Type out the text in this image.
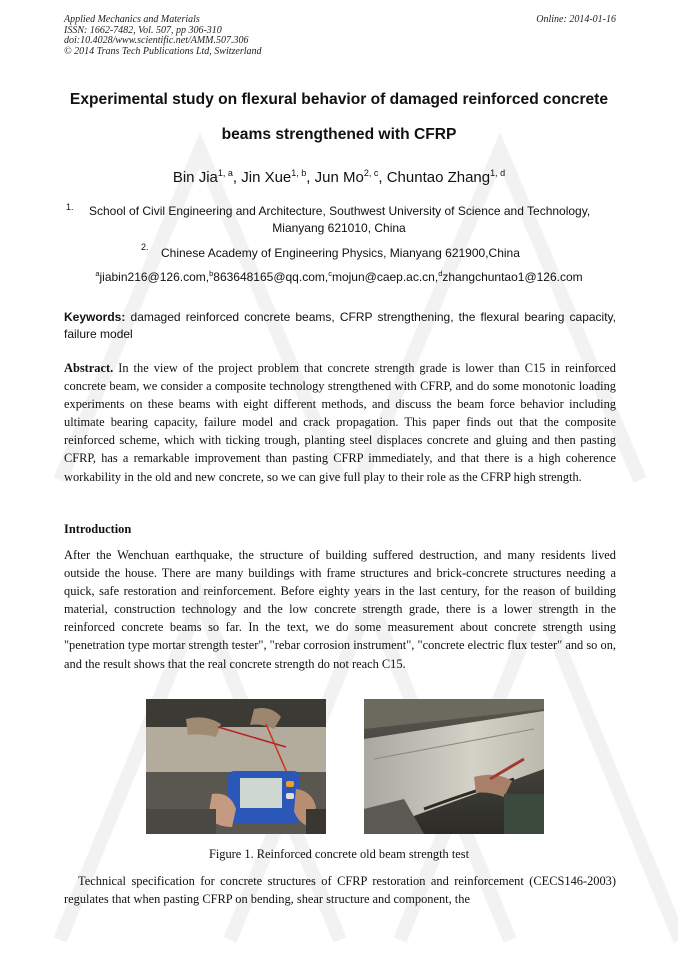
Applied Mechanics and Materials
ISSN: 1662-7482, Vol. 507, pp 306-310
doi:10.4028/www.scientific.net/AMM.507.306
© 2014 Trans Tech Publications Ltd, Switzerland
Online: 2014-01-16
Experimental study on flexural behavior of damaged reinforced concrete
beams strengthened with CFRP
Bin Jia$^{1, a}$, Jin Xue$^{1, b}$, Jun Mo$^{2, c}$, Chuntao Zhang$^{1, d}$
1. School of Civil Engineering and Architecture, Southwest University of Science and Technology,
Mianyang 621010, China
2. Chinese Academy of Engineering Physics, Mianyang 621900,China
$^a$jiabin216@126.com,$^b$863648165@qq.com,$^c$mojun@caep.ac.cn,$^d$zhangchuntao1@126.com
Keywords: damaged reinforced concrete beams, CFRP strengthening, the flexural bearing capacity, failure model
Abstract. In the view of the project problem that concrete strength grade is lower than C15 in reinforced concrete beam, we consider a composite technology strengthened with CFRP, and do some monotonic loading experiments on these beams with eight different methods, and discuss the beam force behavior including ultimate bearing capacity, failure model and crack propagation. This paper finds out that the composite reinforced scheme, which with ticking trough, planting steel displaces concrete and gluing and then pasting CFRP, has a remarkable improvement than pasting CFRP immediately, and that there is a high coherence workability in the old and new concrete, so we can give full play to their role as the CFRP high strength.
Introduction
After the Wenchuan earthquake, the structure of building suffered destruction, and many residents lived outside the house. There are many buildings with frame structures and brick-concrete structures needing a quick, safe restoration and reinforcement. Before eighty years in the last century, for the reason of building material, construction technology and the low concrete strength grade, there is a lower strength in the reinforced concrete beams so far. In the text, we do some measurement about concrete strength using "penetration type mortar strength tester", "rebar corrosion instrument", "concrete electric flux tester" and so on, and the result shows that the real concrete strength do not reach C15.
Figure 1. Reinforced concrete old beam strength test
Technical specification for concrete structures of CFRP restoration and reinforcement (CECS146-2003) regulates that when pasting CFRP on bending, shear structure and component, the
